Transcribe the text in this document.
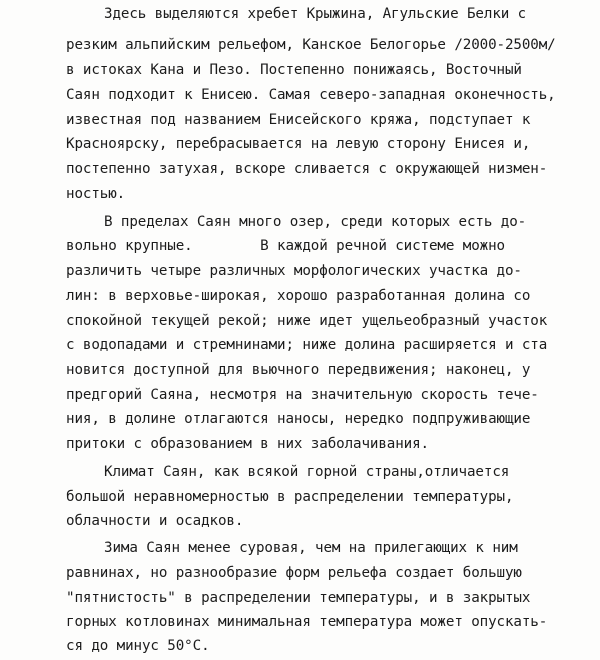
Здесь выделяются хребет Крыжина, Агульские Белки с
резким альпийским рельефом, Канское Белогорье /2000-2500м/
в истоках Кана и Пезо. Постепенно понижаясь, Восточный
Саян подходит к Енисею. Самая северо-западная оконечность,
известная под названием Енисейского кряжа, подступает к
Красноярску, перебрасывается на левую сторону Енисея и,
постепенно затухая, вскоре сливается с окружающей низмен-
ностью.
В пределах Саян много озер, среди которых есть до-
вольно крупные.        В каждой речной системе можно
различить четыре различных морфологических участка до-
лин: в верховье-широкая, хорошо разработанная долина со
спокойной текущей рекой; ниже идет ущельеобразный участок
с водопадами и стремнинами; ниже долина расширяется и ста
новится доступной для вьючного передвижения; наконец, у
предгорий Саяна, несмотря на значительную скорость тече-
ния, в долине отлагаются наносы, нередко подпруживающие
притоки с образованием в них заболачивания.
Климат Саян, как всякой горной страны,отличается
большой неравномерностью в распределении температуры,
облачности и осадков.
Зима Саян менее суровая, чем на прилегающих к ним
равнинах, но разнообразие форм рельефа создает большую
"пятнистость" в распределении температуры, и в закрытых
горных котловинах минимальная температура может опускать-
ся до минус 50°С.
